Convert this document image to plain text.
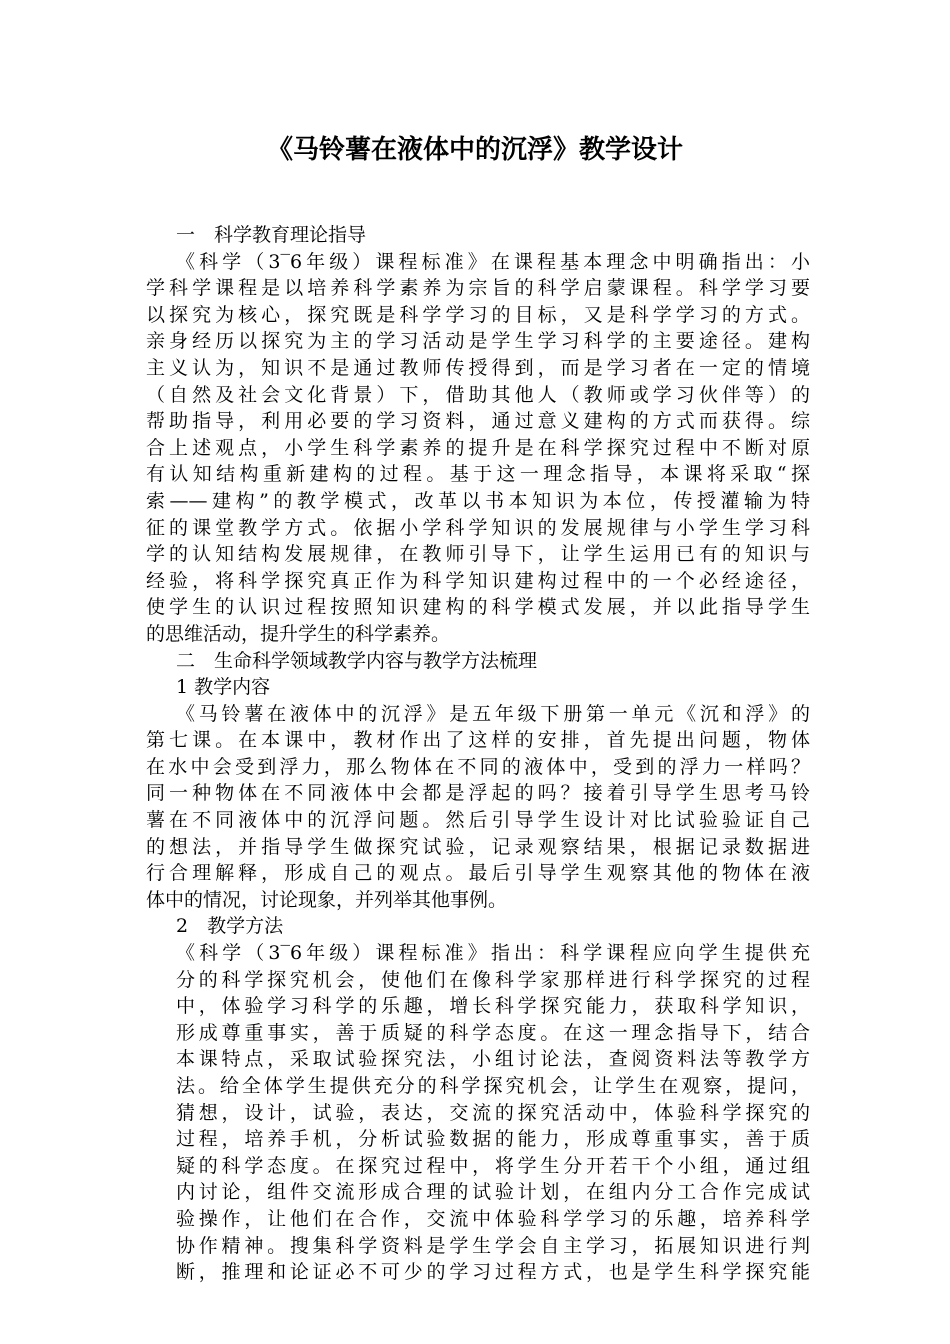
《马铃薯在液体中的沉浮》教学设计
一　科学教育理论指导
《科学（3‾6年级）课程标准》在课程基本理念中明确指出：小
学科学课程是以培养科学素养为宗旨的科学启蒙课程。科学学习要
以探究为核心，探究既是科学学习的目标，又是科学学习的方式。
亲身经历以探究为主的学习活动是学生学习科学的主要途径。建构
主义认为，知识不是通过教师传授得到，而是学习者在一定的情境
（自然及社会文化背景）下，借助其他人（教师或学习伙伴等）的
帮助指导，利用必要的学习资料，通过意义建构的方式而获得。综
合上述观点，小学生科学素养的提升是在科学探究过程中不断对原
有认知结构重新建构的过程。基于这一理念指导，本课将采取“探
索——建构”的教学模式，改革以书本知识为本位，传授灌输为特
征的课堂教学方式。依据小学科学知识的发展规律与小学生学习科
学的认知结构发展规律，在教师引导下，让学生运用已有的知识与
经验，将科学探究真正作为科学知识建构过程中的一个必经途径，
使学生的认识过程按照知识建构的科学模式发展，并以此指导学生
的思维活动，提升学生的科学素养。
二　生命科学领域教学内容与教学方法梳理
1 教学内容
《马铃薯在液体中的沉浮》是五年级下册第一单元《沉和浮》的
第七课。在本课中，教材作出了这样的安排，首先提出问题，物体
在水中会受到浮力，那么物体在不同的液体中，受到的浮力一样吗？
同一种物体在不同液体中会都是浮起的吗？接着引导学生思考马铃
薯在不同液体中的沉浮问题。然后引导学生设计对比试验验证自己
的想法，并指导学生做探究试验，记录观察结果，根据记录数据进
行合理解释，形成自己的观点。最后引导学生观察其他的物体在液
体中的情况，讨论现象，并列举其他事例。
2　教学方法
《科学（3‾6年级）课程标准》指出：科学课程应向学生提供充
分的科学探究机会，使他们在像科学家那样进行科学探究的过程
中，体验学习科学的乐趣，增长科学探究能力，获取科学知识，
形成尊重事实，善于质疑的科学态度。在这一理念指导下，结合
本课特点，采取试验探究法，小组讨论法，查阅资料法等教学方
法。给全体学生提供充分的科学探究机会，让学生在观察，提问，
猜想，设计，试验，表达，交流的探究活动中，体验科学探究的
过程，培养手机，分析试验数据的能力，形成尊重事实，善于质
疑的科学态度。在探究过程中，将学生分开若干个小组，通过组
内讨论，组件交流形成合理的试验计划，在组内分工合作完成试
验操作，让他们在合作，交流中体验科学学习的乐趣，培养科学
协作精神。搜集科学资料是学生学会自主学习，拓展知识进行判
断，推理和论证必不可少的学习过程方式，也是学生科学探究能
